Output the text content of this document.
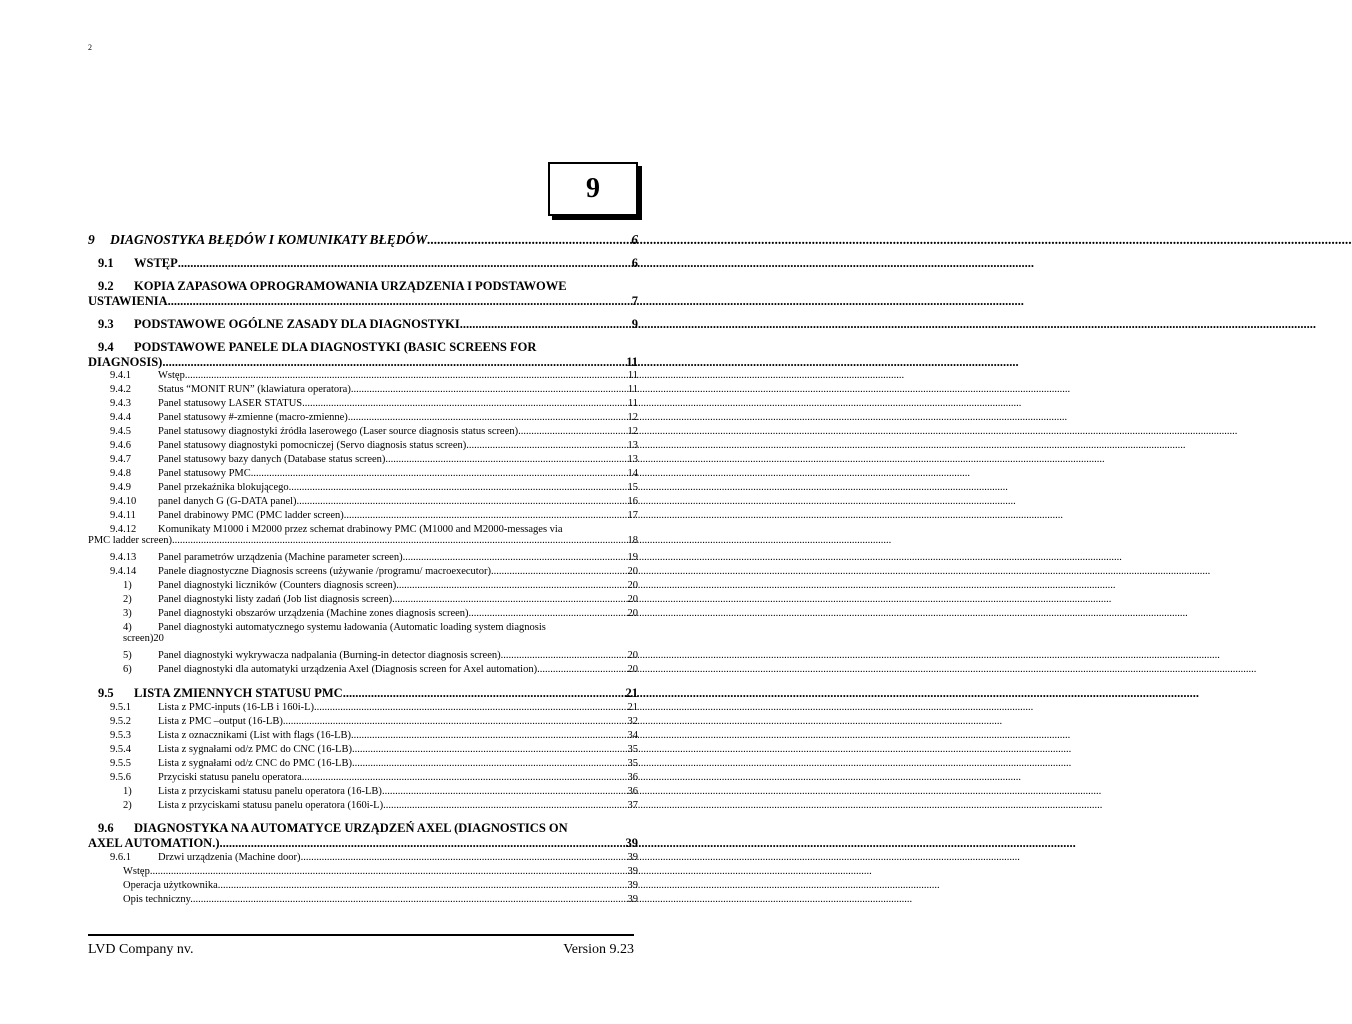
2
9
9 DIAGNOSTYKA BŁĘDÓW I KOMUNIKATY BŁĘDÓW .....	6
9.1 WSTĘP .....	6
9.2 KOPIA ZAPASOWA OPROGRAMOWANIA URZĄDZENIA I PODSTAWOWE
USTAWIENIA .....	7
9.3 PODSTAWOWE OGÓLNE ZASADY DLA DIAGNOSTYKI .....	9
9.4 PODSTAWOWE PANELE DLA DIAGNOSTYKI (BASIC SCREENS FOR
DIAGNOSIS) .....	11
9.4.1	Wstęp .....	11
9.4.2	Status “MONIT RUN” (klawiatura operatora) .....	11
9.4.3	Panel statusowy LASER STATUS .....	11
9.4.4	Panel statusowy #-zmienne (macro-zmienne) .....	12
9.4.5	Panel statusowy diagnostyki źródła laserowego (Laser source diagnosis status screen) .....	12
9.4.6	Panel statusowy diagnostyki pomocniczej (Servo diagnosis status screen) .....	13
9.4.7	Panel statusowy bazy danych (Database status screen) .....	13
9.4.8	Panel statusowy PMC .....	14
9.4.9	Panel przekaźnika blokującego .....	15
9.4.10 panel danych G (G-DATA panel) .....	16
9.4.11 Panel drabinowy PMC (PMC ladder screen) .....	17
9.4.12 Komunikaty M1000 i M2000 przez schemat drabinowy PMC (M1000 and M2000-messages via
PMC ladder screen) .....	18
9.4.13 Panel parametrów urządzenia (Machine parameter screen) .....	19
9.4.14 Panele diagnostyczne Diagnosis screens (używanie /programu/ macroexecutor) .....	20
1)	Panel diagnostyki liczników (Counters diagnosis screen) .....	20
2)	Panel diagnostyki listy zadań (Job list diagnosis screen) .....	20
3)	Panel diagnostyki obszarów urządzenia (Machine zones diagnosis screen) .....	20
4)	Panel diagnostyki automatycznego systemu ładowania (Automatic loading system diagnosis
screen)20
5)	Panel diagnostyki wykrywacza nadpalania (Burning-in detector diagnosis screen) .....	20
6)	Panel diagnostyki dla automatyki urządzenia Axel (Diagnosis screen for Axel automation) .....	20
9.5 LISTA ZMIENNYCH STATUSU PMC .....	21
9.5.1	Lista z PMC-inputs (16-LB i 160i-L) .....	21
9.5.2	Lista z PMC –output (16-LB) .....	32
9.5.3	Lista z oznacznikami (List with flags (16-LB) .....	34
9.5.4	Lista z sygnałami od/z PMC do CNC (16-LB) .....	35
9.5.5	Lista z sygnałami od/z CNC do PMC (16-LB) .....	35
9.5.6	Przyciski statusu panelu operatora .....	36
1)	Lista z przyciskami statusu panelu operatora (16-LB) .....	36
2)	Lista z przyciskami statusu panelu operatora (160i-L) .....	37
9.6 DIAGNOSTYKA NA AUTOMATYCE URZĄDZEŃ AXEL (DIAGNOSTICS ON
AXEL AUTOMATION.) .....	39
9.6.1	Drzwi urządzenia (Machine door) .....	39
Wstęp. .....	39
Operacja użytkownika. .....	39
Opis techniczny. .....	39
LVD Company nv.	Version 9.23
